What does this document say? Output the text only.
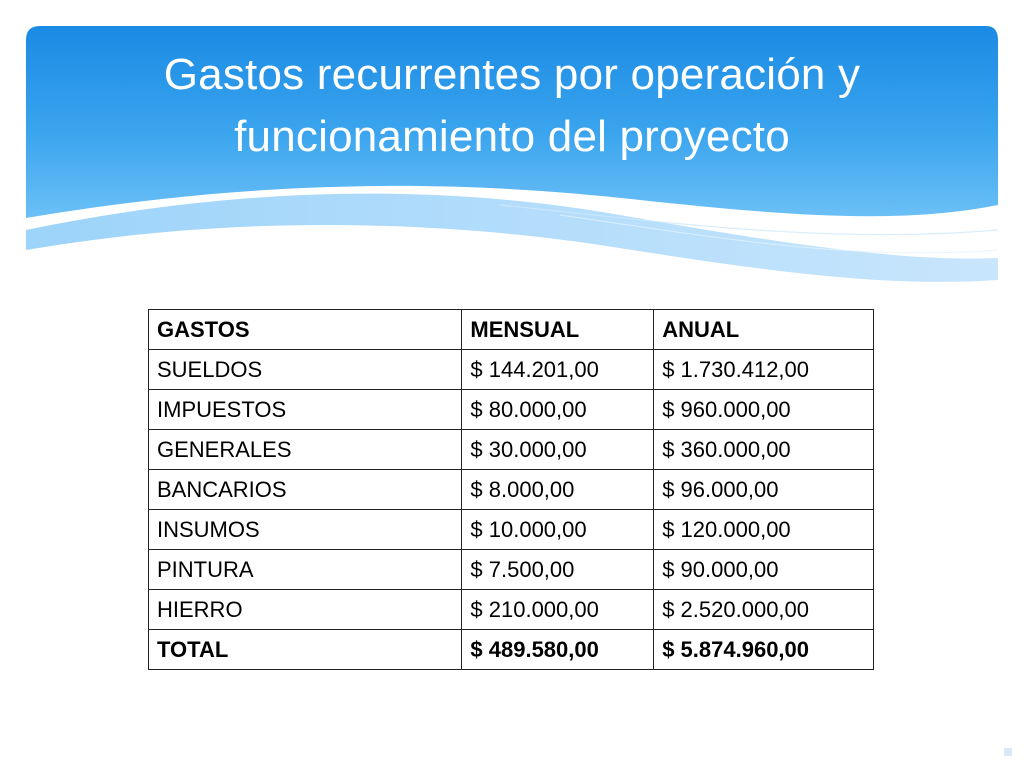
Gastos recurrentes por operación y
funcionamiento del proyecto
GASTOS	MENSUAL	ANUAL
SUELDOS	$ 144.201,00	$ 1.730.412,00
IMPUESTOS	$ 80.000,00	$ 960.000,00
GENERALES	$ 30.000,00	$ 360.000,00
BANCARIOS	$ 8.000,00	$ 96.000,00
INSUMOS	$ 10.000,00	$ 120.000,00
PINTURA	$ 7.500,00	$ 90.000,00
HIERRO	$ 210.000,00	$ 2.520.000,00
TOTAL	$ 489.580,00	$ 5.874.960,00
